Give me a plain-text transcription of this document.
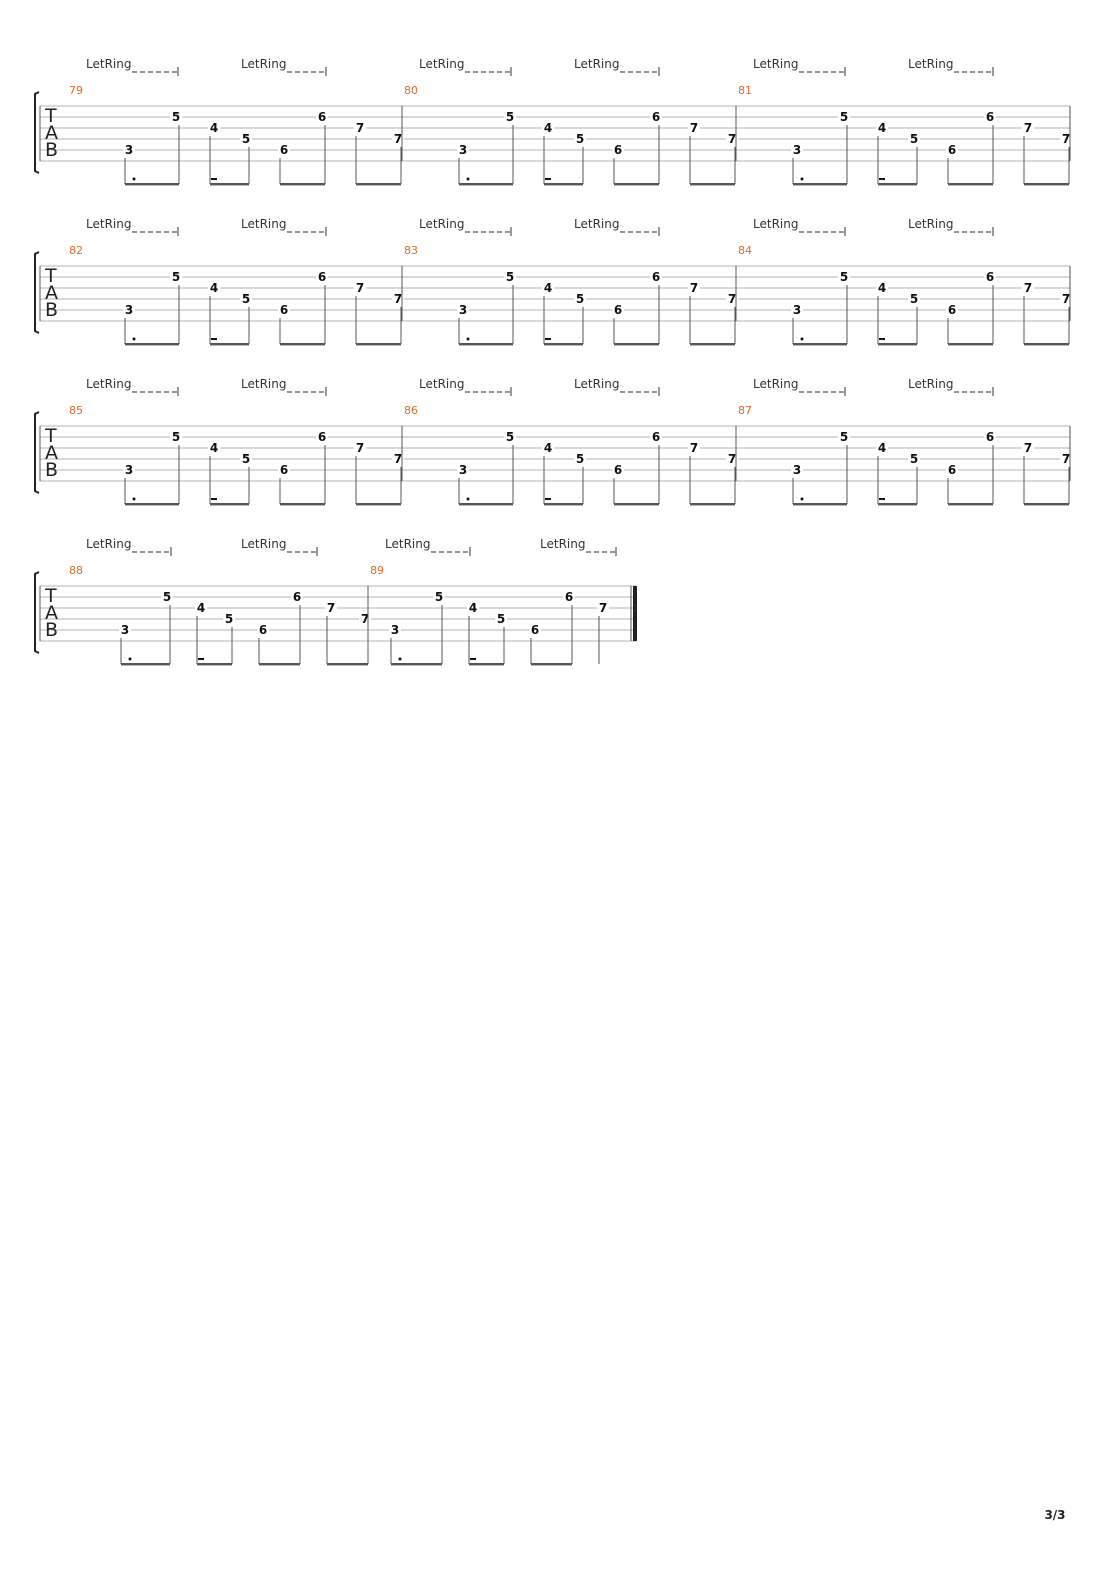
T
A
B
79
LetRing	LetRing
3
5
4
5
6
6
7
7
80
LetRing	LetRing
3
5
4
5
6
6
7
7
81
LetRing	LetRing
3
5
4
5
6
6
7
7
T
A
B
82
LetRing	LetRing
3
5
4
5
6
6
7
7
83
LetRing	LetRing
3
5
4
5
6
6
7
7
84
LetRing	LetRing
3
5
4
5
6
6
7
7
T
A
B
85
LetRing	LetRing
3
5
4
5
6
6
7
7
86
LetRing	LetRing
3
5
4
5
6
6
7
7
87
LetRing	LetRing
3
5
4
5
6
6
7
7
T
A
B
88
LetRing	LetRing
3
5
4
5
6
6
7
7
89
LetRing	LetRing
3
5
4
5
6
6
7
3/3
